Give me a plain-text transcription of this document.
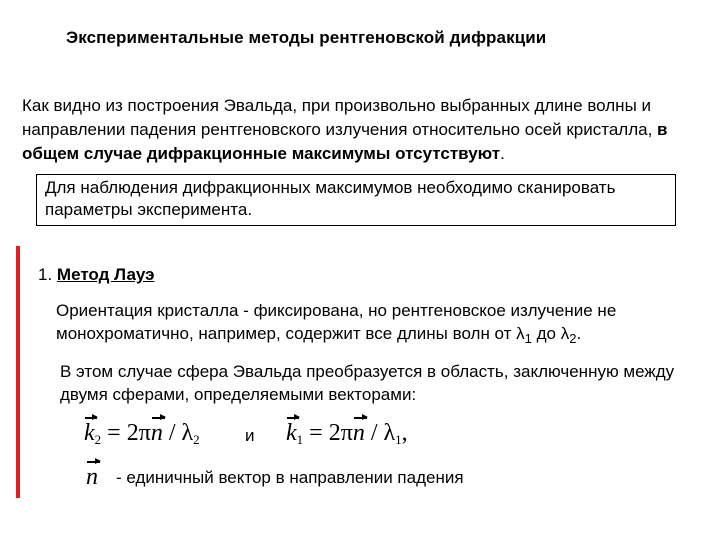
Экспериментальные методы рентгеновской дифракции
Как видно из построения Эвальда, при произвольно выбранных длине волны и направлении падения рентгеновского излучения относительно осей кристалла, в общем случае дифракционные максимумы отсутствуют.
Для наблюдения дифракционных максимумов необходимо сканировать параметры эксперимента.
1. Метод Лауэ
Ориентация кристалла - фиксирована, но рентгеновское излучение не монохроматично, например, содержит все длины волн от $\lambda_1$ до $\lambda_2$.
В этом случае сфера Эвальда преобразуется в область, заключенную между двумя сферами, определяемыми векторами:
$k_2 = 2\pi n / \lambda_2$	и $k_1 = 2\pi n / \lambda_1$,
n - единичный вектор в направлении падения
